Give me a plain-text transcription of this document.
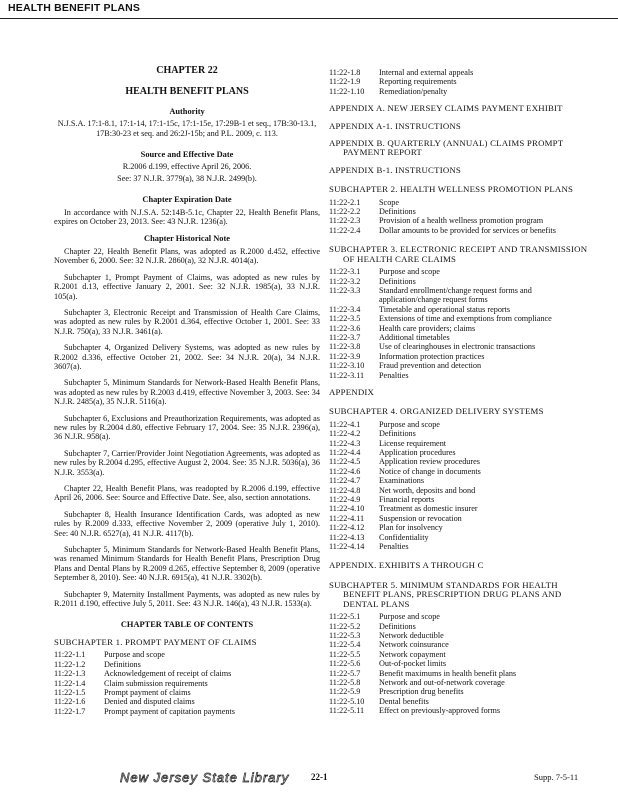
HEALTH BENEFIT PLANS
CHAPTER 22
HEALTH BENEFIT PLANS
Authority
N.J.S.A. 17:1-8.1, 17:1-14, 17:1-15c, 17:1-15e, 17:29B-1 et seq., 17B:30-13.1, 17B:30-23 et seq. and 26:2J-15b; and P.L. 2009, c. 113.
Source and Effective Date
R.2006 d.199, effective April 26, 2006.
See: 37 N.J.R. 3779(a), 38 N.J.R. 2499(b).
Chapter Expiration Date
In accordance with N.J.S.A. 52:14B-5.1c, Chapter 22, Health Benefit Plans, expires on October 23, 2013. See: 43 N.J.R. 1236(a).
Chapter Historical Note
Chapter 22, Health Benefit Plans, was adopted as R.2000 d.452, effective November 6, 2000. See: 32 N.J.R. 2860(a), 32 N.J.R. 4014(a).
Subchapter 1, Prompt Payment of Claims, was adopted as new rules by R.2001 d.13, effective January 2, 2001. See: 32 N.J.R. 1985(a), 33 N.J.R. 105(a).
Subchapter 3, Electronic Receipt and Transmission of Health Care Claims, was adopted as new rules by R.2001 d.364, effective October 1, 2001. See: 33 N.J.R. 750(a), 33 N.J.R. 3461(a).
Subchapter 4, Organized Delivery Systems, was adopted as new rules by R.2002 d.336, effective October 21, 2002. See: 34 N.J.R. 20(a), 34 N.J.R. 3607(a).
Subchapter 5, Minimum Standards for Network-Based Health Benefit Plans, was adopted as new rules by R.2003 d.419, effective November 3, 2003. See: 34 N.J.R. 2485(a), 35 N.J.R. 5116(a).
Subchapter 6, Exclusions and Preauthorization Requirements, was adopted as new rules by R.2004 d.80, effective February 17, 2004. See: 35 N.J.R. 2396(a), 36 N.J.R. 958(a).
Subchapter 7, Carrier/Provider Joint Negotiation Agreements, was adopted as new rules by R.2004 d.295, effective August 2, 2004. See: 35 N.J.R. 5036(a), 36 N.J.R. 3553(a).
Chapter 22, Health Benefit Plans, was readopted by R.2006 d.199, effective April 26, 2006. See: Source and Effective Date. See, also, section annotations.
Subchapter 8, Health Insurance Identification Cards, was adopted as new rules by R.2009 d.333, effective November 2, 2009 (operative July 1, 2010). See: 40 N.J.R. 6527(a), 41 N.J.R. 4117(b).
Subchapter 5, Minimum Standards for Network-Based Health Benefit Plans, was renamed Minimum Standards for Health Benefit Plans, Prescription Drug Plans and Dental Plans by R.2009 d.265, effective September 8, 2009 (operative September 8, 2010). See: 40 N.J.R. 6915(a), 41 N.J.R. 3302(b).
Subchapter 9, Maternity Installment Payments, was adopted as new rules by R.2011 d.190, effective July 5, 2011. See: 43 N.J.R. 146(a), 43 N.J.R. 1533(a).
CHAPTER TABLE OF CONTENTS
SUBCHAPTER 1. PROMPT PAYMENT OF CLAIMS
11:22-1.1	Purpose and scope
11:22-1.2	Definitions
11:22-1.3	Acknowledgement of receipt of claims
11:22-1.4	Claim submission requirements
11:22-1.5	Prompt payment of claims
11:22-1.6	Denied and disputed claims
11:22-1.7	Prompt payment of capitation payments
11:22-1.8	Internal and external appeals
11:22-1.9	Reporting requirements
11:22-1.10	Remediation/penalty
APPENDIX A. NEW JERSEY CLAIMS PAYMENT EXHIBIT
APPENDIX A-1. INSTRUCTIONS
APPENDIX B. QUARTERLY (ANNUAL) CLAIMS PROMPT PAYMENT REPORT
APPENDIX B-1. INSTRUCTIONS
SUBCHAPTER 2. HEALTH WELLNESS PROMOTION PLANS
11:22-2.1	Scope
11:22-2.2	Definitions
11:22-2.3	Provision of a health wellness promotion program
11:22-2.4	Dollar amounts to be provided for services or benefits
SUBCHAPTER 3. ELECTRONIC RECEIPT AND TRANSMISSION OF HEALTH CARE CLAIMS
11:22-3.1	Purpose and scope
11:22-3.2	Definitions
11:22-3.3	Standard enrollment/change request forms and application/change request forms
11:22-3.4	Timetable and operational status reports
11:22-3.5	Extensions of time and exemptions from compliance
11:22-3.6	Health care providers; claims
11:22-3.7	Additional timetables
11:22-3.8	Use of clearinghouses in electronic transactions
11:22-3.9	Information protection practices
11:22-3.10	Fraud prevention and detection
11:22-3.11	Penalties
APPENDIX
SUBCHAPTER 4. ORGANIZED DELIVERY SYSTEMS
11:22-4.1	Purpose and scope
11:22-4.2	Definitions
11:22-4.3	License requirement
11:22-4.4	Application procedures
11:22-4.5	Application review procedures
11:22-4.6	Notice of change in documents
11:22-4.7	Examinations
11:22-4.8	Net worth, deposits and bond
11:22-4.9	Financial reports
11:22-4.10	Treatment as domestic insurer
11:22-4.11	Suspension or revocation
11:22-4.12	Plan for insolvency
11:22-4.13	Confidentiality
11:22-4.14	Penalties
APPENDIX. EXHIBITS A THROUGH C
SUBCHAPTER 5. MINIMUM STANDARDS FOR HEALTH BENEFIT PLANS, PRESCRIPTION DRUG PLANS AND DENTAL PLANS
11:22-5.1	Purpose and scope
11:22-5.2	Definitions
11:22-5.3	Network deductible
11:22-5.4	Network coinsurance
11:22-5.5	Network copayment
11:22-5.6	Out-of-pocket limits
11:22-5.7	Benefit maximums in health benefit plans
11:22-5.8	Network and out-of-network coverage
11:22-5.9	Prescription drug benefits
11:22-5.10	Dental benefits
11:22-5.11	Effect on previously-approved forms
New Jersey State Library 22-1	Supp. 7-5-11
